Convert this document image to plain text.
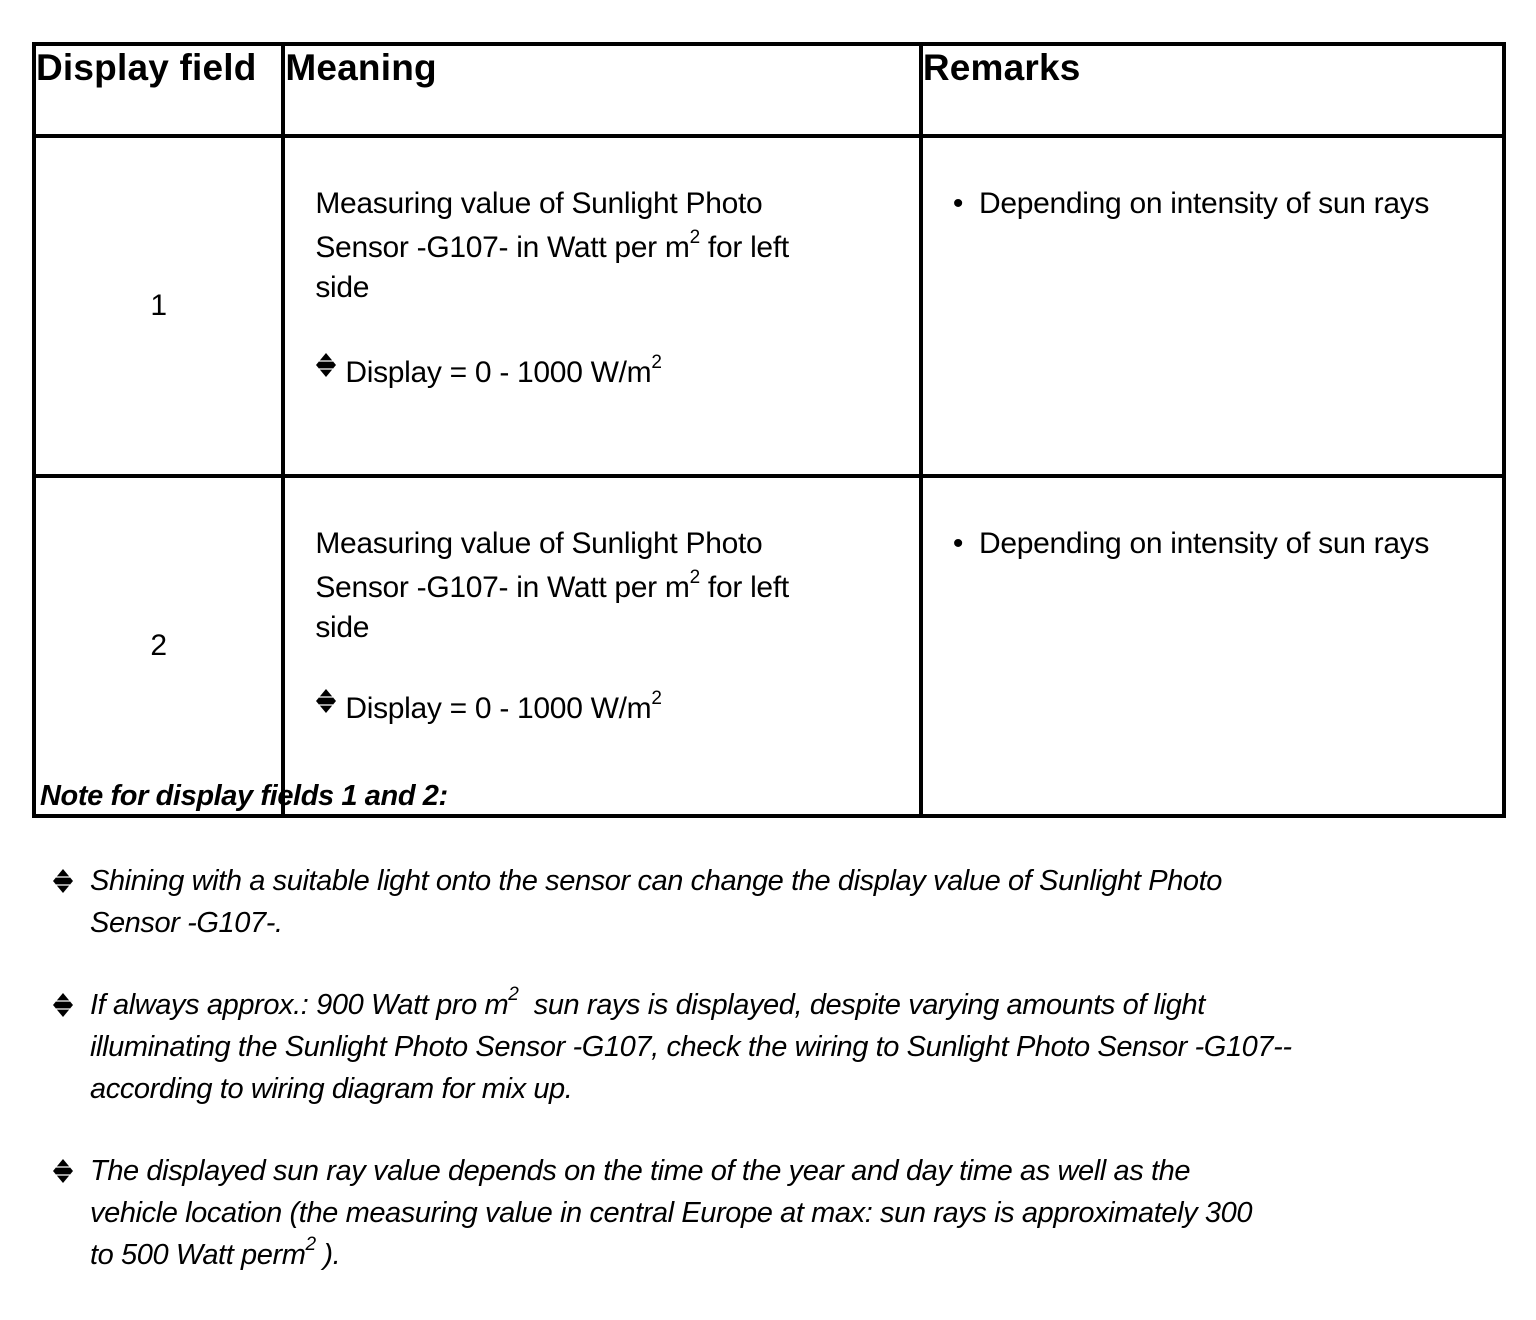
Display field	Meaning	Remarks
1	Measuring value of Sunlight Photo
Sensor -G107- in Watt per $m^2$ for left
side

Display = 0 - 1000 $W/m^2$	• Depending on intensity of sun rays
2	Measuring value of Sunlight Photo
Sensor -G107- in Watt per $m^2$ for left
side

Display = 0 - 1000 $W/m^2$	• Depending on intensity of sun rays

Note for display fields 1 and 2:

Shining with a suitable light onto the sensor can change the display value of Sunlight Photo
Sensor -G107-.
If always approx.: 900 Watt pro $m^2$  sun rays is displayed, despite varying amounts of light
illuminating the Sunlight Photo Sensor -G107, check the wiring to Sunlight Photo Sensor -G107--
according to wiring diagram for mix up.
The displayed sun ray value depends on the time of the year and day time as well as the
vehicle location (the measuring value in central Europe at max: sun rays is approximately 300
to 500 Watt perm$^2$ ).
